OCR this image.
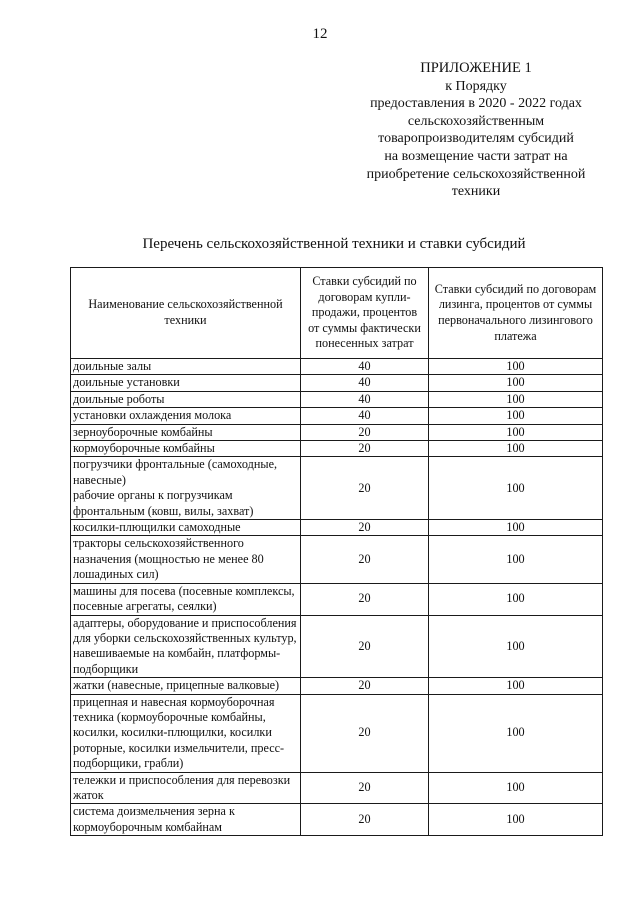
12
ПРИЛОЖЕНИЕ 1
к Порядку
предоставления в 2020 - 2022 годах
сельскохозяйственным
товаропроизводителям субсидий
на возмещение части затрат на
приобретение сельскохозяйственной
техники
Перечень сельскохозяйственной техники и ставки субсидий
Наименование сельскохозяйственной техники	Ставки субсидий по договорам купли-продажи, процентов от суммы фактически понесенных затрат	Ставки субсидий по договорам лизинга, процентов от суммы первоначального лизингового платежа
доильные залы	40	100
доильные установки	40	100
доильные роботы	40	100
установки охлаждения молока	40	100
зерноуборочные комбайны	20	100
кормоуборочные комбайны	20	100

погрузчики фронтальные (самоходные, навесные)
рабочие органы к погрузчикам фронтальным (ковш, вилы, захват)	20	100
косилки-плющилки самоходные	20	100
тракторы сельскохозяйственного назначения (мощностью не менее 80 лошадиных сил)	20	100
машины для посева (посевные комплексы, посевные агрегаты, сеялки)	20	100
адаптеры, оборудование и приспособления для уборки сельскохозяйственных культур, навешиваемые на комбайн, платформы-подборщики	20	100
жатки (навесные, прицепные валковые)	20	100
прицепная и навесная кормоуборочная техника (кормоуборочные комбайны, косилки, косилки-плющилки, косилки роторные, косилки измельчители, пресс-подборщики, грабли)	20	100
тележки и приспособления для перевозки жаток	20	100
система доизмельчения зерна к кормоуборочным комбайнам	20	100
